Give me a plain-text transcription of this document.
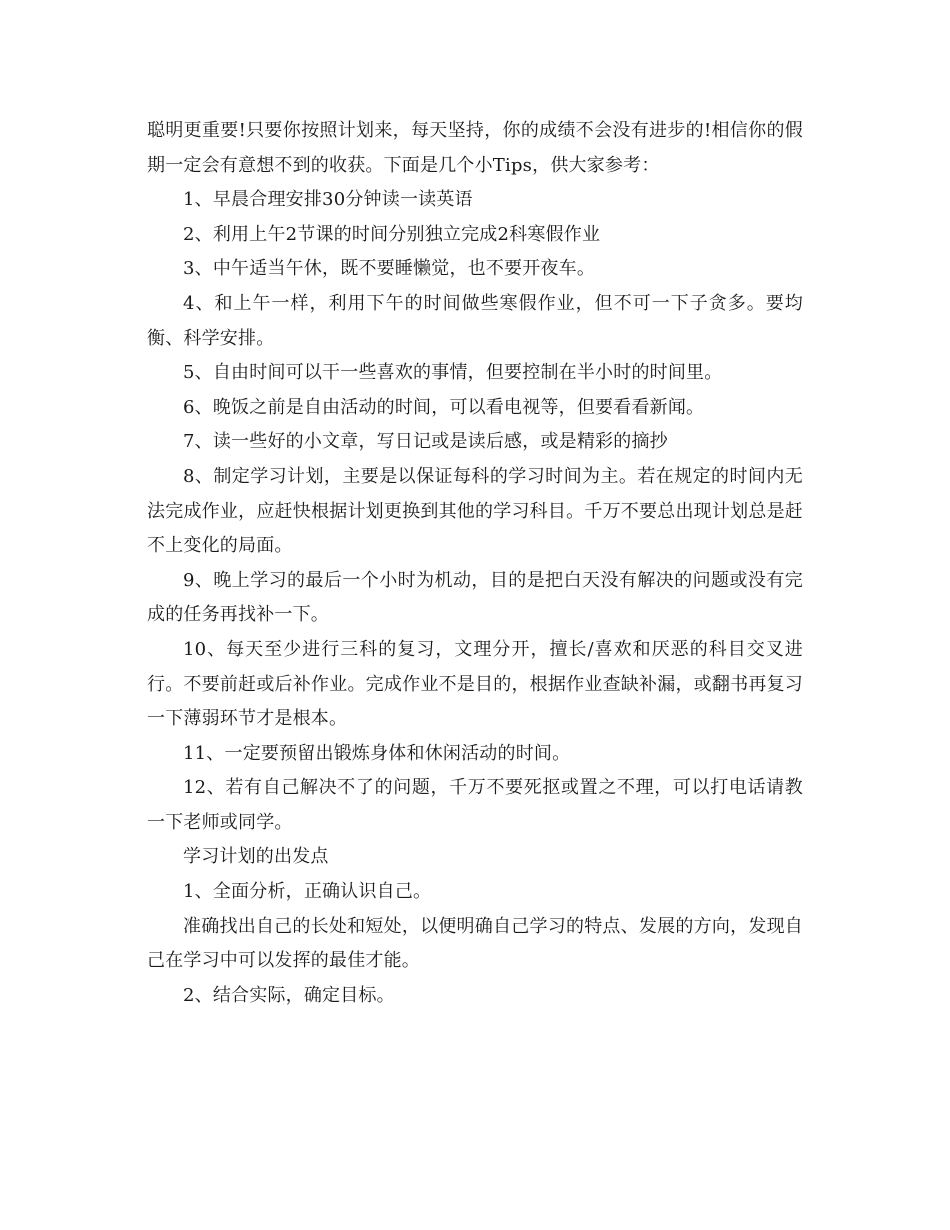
聪明更重要!只要你按照计划来，每天坚持，你的成绩不会没有进步的!相信你的假期一定会有意想不到的收获。下面是几个小Tips，供大家参考：

1、早晨合理安排30分钟读一读英语

2、利用上午2节课的时间分别独立完成2科寒假作业

3、中午适当午休，既不要睡懒觉，也不要开夜车。

4、和上午一样，利用下午的时间做些寒假作业，但不可一下子贪多。要均衡、科学安排。

5、自由时间可以干一些喜欢的事情，但要控制在半小时的时间里。

6、晚饭之前是自由活动的时间，可以看电视等，但要看看新闻。

7、读一些好的小文章，写日记或是读后感，或是精彩的摘抄

8、制定学习计划，主要是以保证每科的学习时间为主。若在规定的时间内无法完成作业，应赶快根据计划更换到其他的学习科目。千万不要总出现计划总是赶不上变化的局面。

9、晚上学习的最后一个小时为机动，目的是把白天没有解决的问题或没有完成的任务再找补一下。

10、每天至少进行三科的复习，文理分开，擅长/喜欢和厌恶的科目交叉进行。不要前赶或后补作业。完成作业不是目的，根据作业查缺补漏，或翻书再复习一下薄弱环节才是根本。

11、一定要预留出锻炼身体和休闲活动的时间。

12、若有自己解决不了的问题，千万不要死抠或置之不理，可以打电话请教一下老师或同学。

学习计划的出发点

1、全面分析，正确认识自己。

准确找出自己的长处和短处，以便明确自己学习的特点、发展的方向，发现自己在学习中可以发挥的最佳才能。

2、结合实际，确定目标。
